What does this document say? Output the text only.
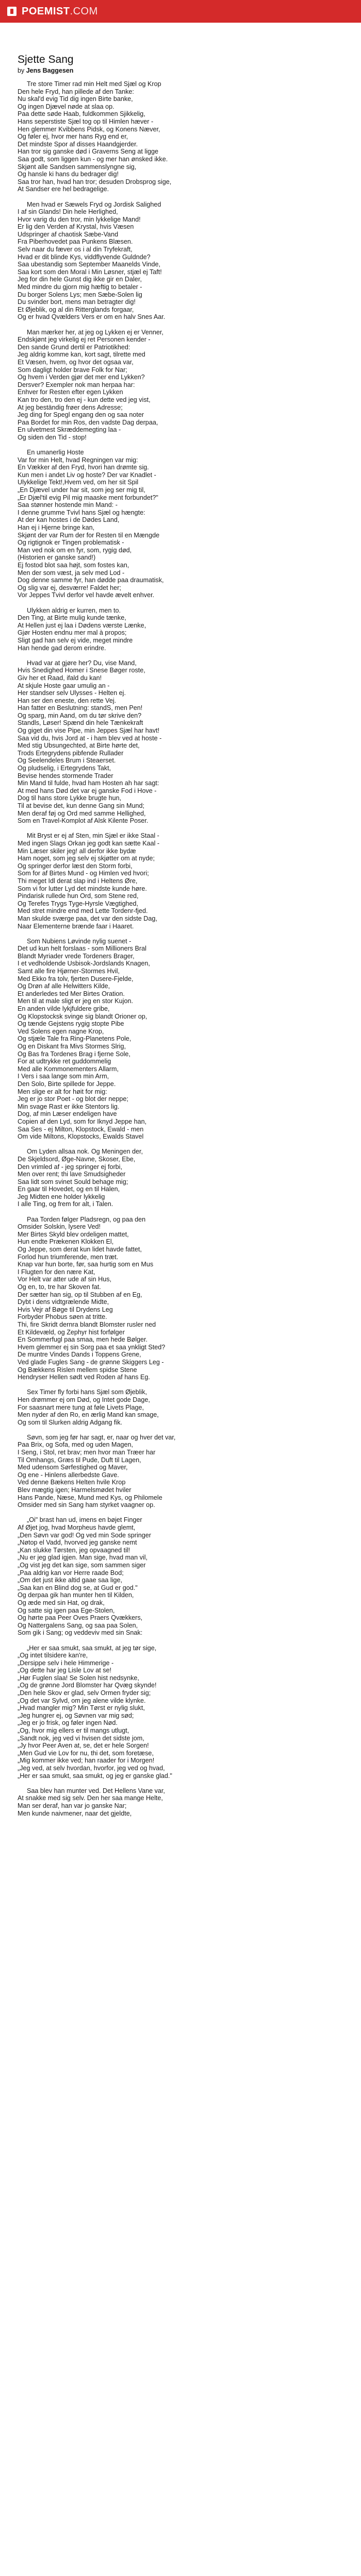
POEMIST .COM
Sjette Sang
by Jens Baggesen
Tre store Timer rad min Helt med Sjæl og Krop
Den hele Fryd, han pillede af den Tanke:
Nu skal'd evig Tid dig ingen Birte banke,
Og ingen Djævel nøde at slaa op.
Paa dette søde Haab, fuldkommen Sjikkelig,
Hans seperstiste Sjæl tog op til Himlen hæver -
Hen glemmer Kvibbens Pidsk, og Konens Næver,
Og føler ej, hvor mer hans Ryg end er,
Det mindste Spor af disses Haandgjerder.
Han tror sig ganske død i Graverns Seng at ligge
Saa godt, som liggen kun - og mer han ønsked ikke.
Skjønt alle Sandsen sammenslyngne sig,
Og hansle ki hans du bedrager dig!
Saa tror han, hvad han tror; desuden Drobsprog sige,
At Sandser ere hel bedragelige.
Men hvad er Sæwels Fryd og Jordisk Salighed
I af sin Glands! Din hele Herlighed,
Hvor varig du den tror, min lykkelige Mand!
Er lig den Verden af Krystal, hvis Væsen
Udspringer af chaotisk Sæbe-Vand
Fra Piberhovedet paa Punkens Blæsen.
Selv naar du fæver os i al din Tryfekraft,
Hvad er dit blinde Kys, viddflyvende Guldnde?
Saa ubestandig som September Maanelds Vinde,
Saa kort som den Moral i Min Løsner, stjæl ej Taft!
Jeg for din hele Gunst dig ikke gir en Daler,
Med mindre du gjorn mig hæftig to betaler -
Du borger Solens Lys; men Sæbe-Solen lig
Du svinder bort, mens man betragter dig!
Et Øjeblik, og al din Ritterglands forgaar,
Og er hvad Qvælders Vers er om en halv Snes Aar.
Man mærker her, at jeg og Lykken ej er Venner,
Endskjønt jeg virkelig ej ret Personen kender -
Den sande Grund dertil er Patriotikhed:
Jeg aldrig komme kan, kort sagt, tilrette med
Et Væsen, hvem, og hvor det ogsaa var,
Som dagligt holder brave Folk for Nar;
Og hvem i Verden gjør det mer end Lykken?
Dersver? Exempler nok man herpaa har:
Enhver for Resten efter egen Lykken
Kan tro den, tro den ej - kun dette ved jeg vist,
At jeg beständig frøer dens Adresse;
Jeg ding for Spegl engang den og saa noter
Paa Bordet for min Ros, den vadste Dag derpaa,
En ulvetmest Skræddemegting laa -
Og siden den Tid - stop!
En umanerlig Hoste
Var for min Helt, hvad Regningen var mig:
En Vækker af den Fryd, hvori han drømte sig.
Kun men i andet Liv og hoste? Der var Knadlet -
Ulykkelige Tekt!,Hvem ved, om her sit Spil
„En Djævel under har sit, som jeg ser mig til,
„Er Djæl'til evig Pil mig maaske ment forbundet?"
Saa stønner hostende min Mand: -
I denne grumme Tvivl hans Sjæl og hængte:
At der kan hostes i de Dødes Land,
Han ej i Hjerne bringe kan,
Skjønt der var Rum der for Resten til en Mængde
Og rigtignok er Tingen problematisk -
Man ved nok om en fyr, som, rygig død,
(Historien er ganske sand!)
Ej fostod blot saa højt, som fostes kan,
Men der som væst, ja selv med Lod -
Dog denne samme fyr, han dødde paa draumatisk,
Og slig var ej, desværre! Faldet her;
Vor Jeppes Tvivl derfor vel havde ævelt enhver.
Ulykken aldrig er kurren, men to.
Den Ting, at Birte mulig kunde tænke,
At Hellen just ej laa i Dødens værste Lænke,
Gjør Hosten endnu mer mal à propos;
Sligt gad han selv ej vide, meget mindre
Han hende gad derom erindre.
Hvad var at gjøre her? Du, vise Mand,
Hvis Snedighed Homer i Snese Bøger roste,
Giv her et Raad, ifald du kan!
At skjule Hoste gaar umulig an -
Her standser selv Ulysses - Helten ej.
Han ser den eneste, den rette Vej.
Han fatter en Beslutning: standS, men Pen!
Og sparg, min Aand, om du tør skrive den?
Standls, Løser! Spænd din hele Tænkekraft
Og giget din vise Pipe, min Jeppes Sjæl har havt!
Saa vid du, hvis Jord at - i ham blev ved at hoste -
Med stig Ubsungechted, at Birte hørte det,
Trods Ertegrydens pibfende Rullader
Og Seelendeles Brum i Steaerset.
Og pludselig, i Ertegrydens Takt,
Bevise hendes stormende Trader
Min Mand til fulde, hvad ham Hosten ah har sagt:
At med hans Død det var ej ganske Fod i Hove -
Dog til hans store Lykke brugte hun,
Til at bevise det, kun denne Gang sin Mund;
Men deraf føj og Ord med samme Hellighed,
Som en Travel-Komplot af Alsk Kilente Poser.
Mit Bryst er ej af Sten, min Sjæl er ikke Staal -
Med ingen Slags Orkan jeg godt kan sætte Kaal -
Min Læser skiler jeg! all derfor ikke bydæ
Ham noget, som jeg selv ej skjøtter om at nyde;
Og springer derfor læst den Storm forbi,
Som for af Birtes Mund - og Himlen ved hvori;
Thi meget Idl derat slap ind i Heltens Øre,
Som vi for lutter Lyd det mindste kunde høre.
Pindarisk rullede hun Ord, som Stene red,
Og Terefes Trygs Tyge-Hyrsle Vægtighed,
Med stret mindre end med Lette Tordenr-fjed.
Man skulde sværge paa, det var den sidste Dag,
Naar Elementerne brænde faar i Haaret.
Som Nubiens Løvinde nylig suenet -
Det ud kun helt forslaas - som Millioners Bral
Blandt Myriader vrede Tordeners Brager,
I et vedholdende Usbisok-Jordslands Knagen,
Samt alle fire Hjørner-Stormes Hvil,
Med Ekko fra tolv, fjerten Dusere-Fjelde,
Og Drøn af alle Helwitters Kilde,
Et anderledes ted Mer Birtes Oration.
Men til at male sligt er jeg en stor Kujon.
En anden vilde lykjfuldere gribe,
Og Klopstocksk svinge sig blandt Orioner op,
Og tænde Gejstens rygig stopte Pibe
Ved Solens egen nagne Krop,
Og stjæle Tale fra Ring-Planetens Pole,
Og en Diskant fra Mivs Stormes Slrig,
Og Bas fra Tordenes Brag i fjerne Sole,
For at udtrykke ret guddommelig
Med alle Kommonementers Allarm,
I Vers i saa lange som min Arm,
Den Solo, Birte spillede for Jeppe.
Men slige er alt for høit for mig:
Jeg er jo stor Poet - og blot der neppe;
Min svage Rast er ikke Stentors lig.
Dog, af min Læser endeligen have
Copien af den Lyd, som for Iknyd Jeppe han,
Saa Ses - ej Milton, Klopstock, Ewald - men
Om vide Miltons, Klopstocks, Ewalds Stavel
Om Lyden allsaa nok. Og Meningen der,
De Skjeldsord, Øge-Navne, Skoser, Ebe,
Den vrimled af - jeg springer ej forbi,
Men over rent; thi lave Smudsigheder
Saa lidt som svinet Sould behage mig;
En gaar til Hovedet, og en til Halen,
Jeg Midten ene holder lykkelig
I alle Ting, og frem for alt, i Talen.
Paa Torden følger Pladsregn, og paa den
Omsider Solskin, lysere Ved!
Mer Birtes Skyld blev ordeligen mattet,
Hun endte Prækenen Klokken El,
Og Jeppe, som derat kun lidet havde fattet,
Forlod hun triumferende, men træt.
Knap var hun borte, før, saa hurtig som en Mus
I Flugten for den nære Kat,
Vor Helt var atter ude af sin Hus,
Og en, to, tre har Skoven fat.
Der sætter han sig, op til Stubben af en Eg,
Dybt i dens vidtgrælende Midte,
Hvis Vejr af Bøge til Drydens Leg
Forbyder Phobus søen at tritte.
Thi, fire Skridt dernra blandt Blomster rusler ned
Et Kildevæld, og Zephyr hist forfølger
En Sommerfugl paa smaa, men hede Bølger.
Hvem glemmer ej sin Sorg paa et saa ynkligt Sted?
De muntre Vindes Dands i Toppens Grene,
Ved glade Fugles Sang - de grønne Skiggers Leg -
Og Bækkens Rislen mellem spidse Stene
Hendryser Hellen sødt ved Roden af hans Eg.
Sex Timer fly forbi hans Sjæl som Øjeblik,
Hen drømmer ej om Død, og Intet gode Dage,
For saasnart mere tung at føle Livets Plage,
Men nyder af den Ro, en ærlig Mand kan smage,
Og som til Slurken aldrig Adgang fik.
Søvn, som jeg før har sagt, er, naar og hver det var,
Paa Brix, og Sofa, med og uden Magen,
I Seng, i Stol, ret brav; men hvor man Træer har
Til Omhangs, Græs til Pude, Duft til Lagen,
Med udensom Sørfestighed og Maver,
Og ene - Hinlens allerbedste Gave.
Ved denne Bækens Helten hvile Krop
Blev mægtig igen; Harmelsmødet hviler
Hans Pande, Næse, Mund med Kys, og Philomele
Omsider med sin Sang ham styrket vaagner op.
„Oi" brast han ud, imens en bøjet Finger
Af Øjet jog, hvad Morpheus havde glemt,
„Den Søvn var god! Og ved min Sode springer
„Nøtop el Vadd, hvorved jeg ganske nemt
„Kan slukke Tørsten, jeg opvaagned til!
„Nu er jeg glad igjen. Man sige, hvad man vil,
„Og vist jeg det kan sige, som sammen siger
„Paa aldrig kan vor Herre raade Bod;
„Om det just ikke altid gaae saa lige,
„Saa kan en Blind dog se, at Gud er god."
Og derpaa gik han munter hen til Kilden,
Og æde med sin Hat, og drak,
Og satte sig igen paa Ege-Stolen,
Og hørte paa Peer Oves Praers Qvækkers,
Og Nattergalens Sang, og saa paa Solen,
Som gik i Sang; og veddeviv med sin Snak:
„Her er saa smukt, saa smukt, at jeg tør sige,
„Og intet tilsidere kan're,
„Dersippe selv i hele Himmerige -
„Og dette har jeg Lisle Lov at se!
„Hør Fuglen slaa! Se Solen hist nedsynke,
„Og de grønne Jord Blomster har Qvæg skynde!
„Den hele Skov er glad, selv Ormen fryder sig;
„Og det var Sylvd, om jeg alene vilde klynke.
„Hvad mangler mig? Min Tørst er nylig slukt,
„Jeg hungrer ej, og Søvnen var mig sød;
„Jeg er jo frisk, og føler ingen Nød.
„Og, hvor mig ellers er til mangs utlugt,
„Sandt nok, jeg ved vi hvisen det sidste jom,
„Jy hvor Peer Aven at, se, det er hele Sorgen!
„Men Gud vie Lov for nu, thi det, som foretæse,
„Mig kommer ikke ved; han raader for i Morgen!
„Jeg ved, at selv hvordan, hvorfor, jeg ved og hvad,
„Her er saa smukt, saa smukt, og jeg er ganske glad."
Saa blev han munter ved. Det Hellens Vane var,
At snakke med sig selv. Den her saa mange Helte,
Man ser deraf, han var jo ganske Nar;
Men kunde naivmener, naar det gjeldte,
